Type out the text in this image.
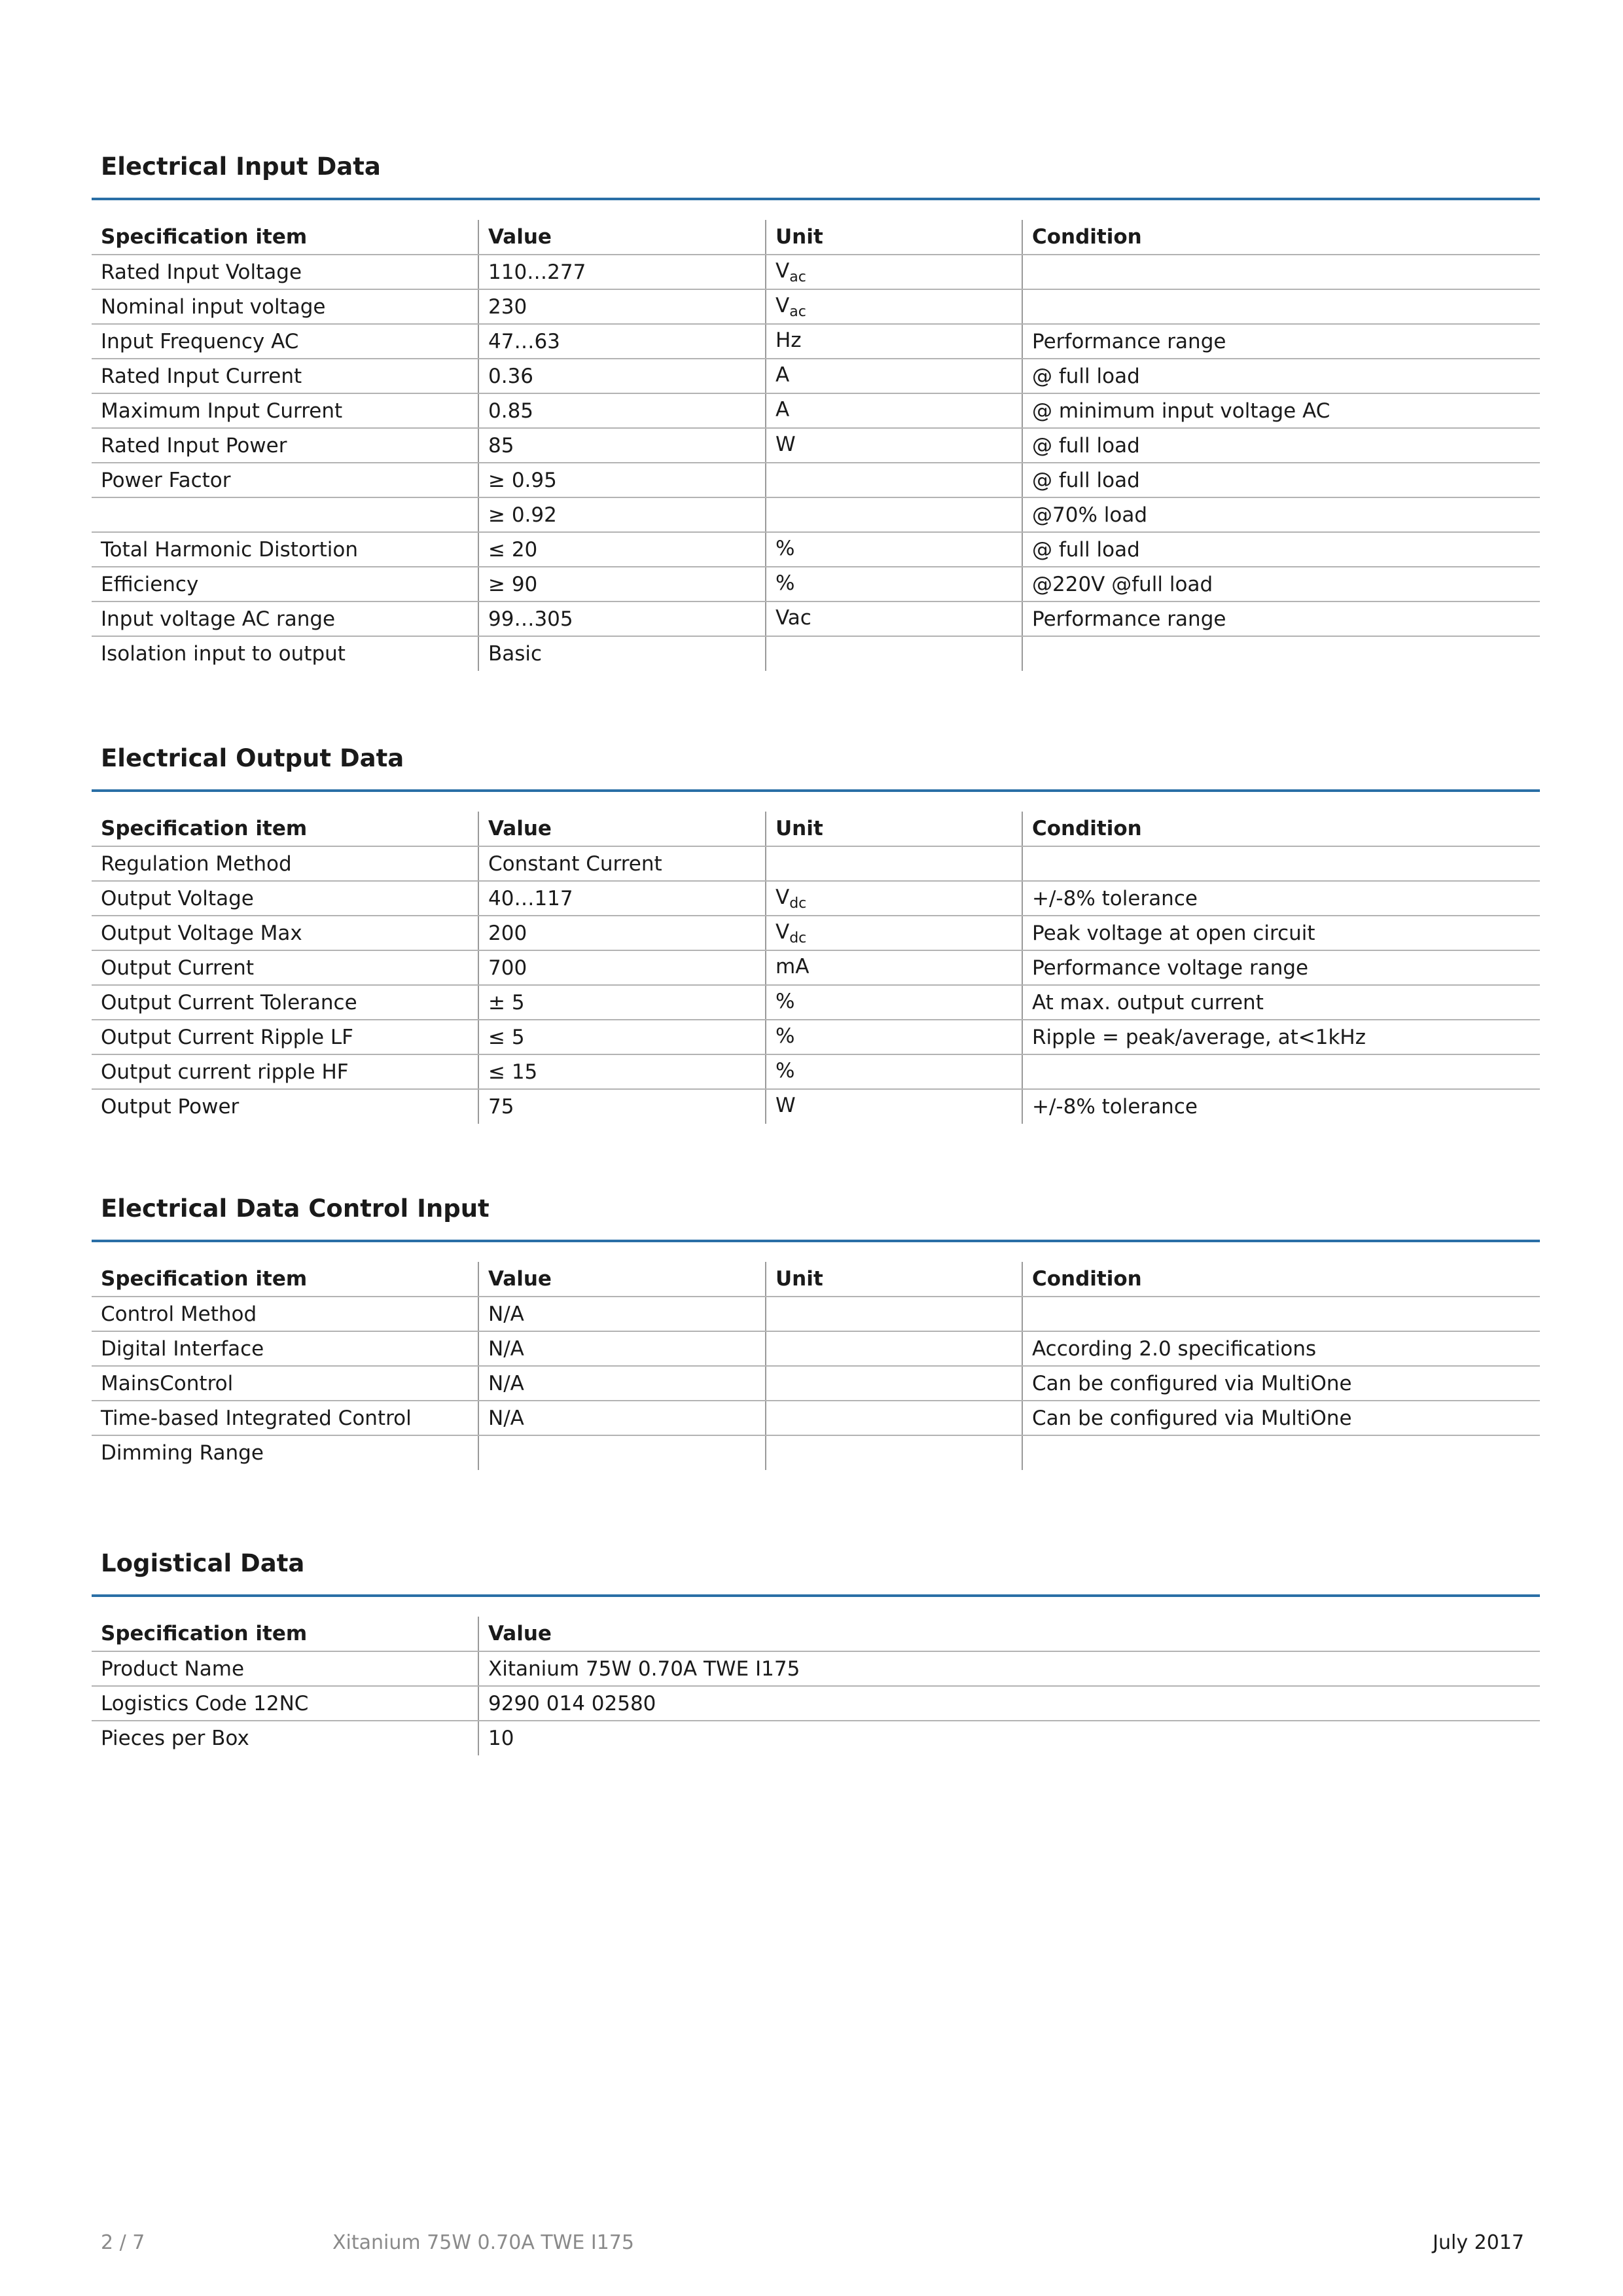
Electrical Input Data
Specification item	Value	Unit	Condition
Rated Input Voltage	110…277	$V_{ac}$	
Nominal input voltage	230	$V_{ac}$	
Input Frequency AC	47…63	Hz	Performance range
Rated Input Current	0.36	A	@ full load
Maximum Input Current	0.85	A	@ minimum input voltage AC
Rated Input Power	85	W	@ full load
Power Factor	≥ 0.95		@ full load
	≥ 0.92		@70% load
Total Harmonic Distortion	≤ 20	%	@ full load
Efficiency	≥ 90	%	@220V @full load
Input voltage AC range	99…305	Vac	Performance range
Isolation input to output	Basic		
Electrical Output Data
Specification item	Value	Unit	Condition
Regulation Method	Constant Current		
Output Voltage	40…117	$V_{dc}$	+/-8% tolerance
Output Voltage Max	200	$V_{dc}$	Peak voltage at open circuit
Output Current	700	mA	Performance voltage range
Output Current Tolerance	± 5	%	At max. output current
Output Current Ripple LF	≤ 5	%	Ripple = peak/average, at<1kHz
Output current ripple HF	≤ 15	%	
Output Power	75	W	+/-8% tolerance
Electrical Data Control Input
Specification item	Value	Unit	Condition
Control Method	N/A		
Digital Interface	N/A		According 2.0 specifications
MainsControl	N/A		Can be configured via MultiOne
Time-based Integrated Control	N/A		Can be configured via MultiOne
Dimming Range			
Logistical Data
Specification item	Value
Product Name	Xitanium 75W 0.70A TWE I175
Logistics Code 12NC	9290 014 02580
Pieces per Box	10
2 / 7	Xitanium 75W 0.70A TWE I175	July 2017
